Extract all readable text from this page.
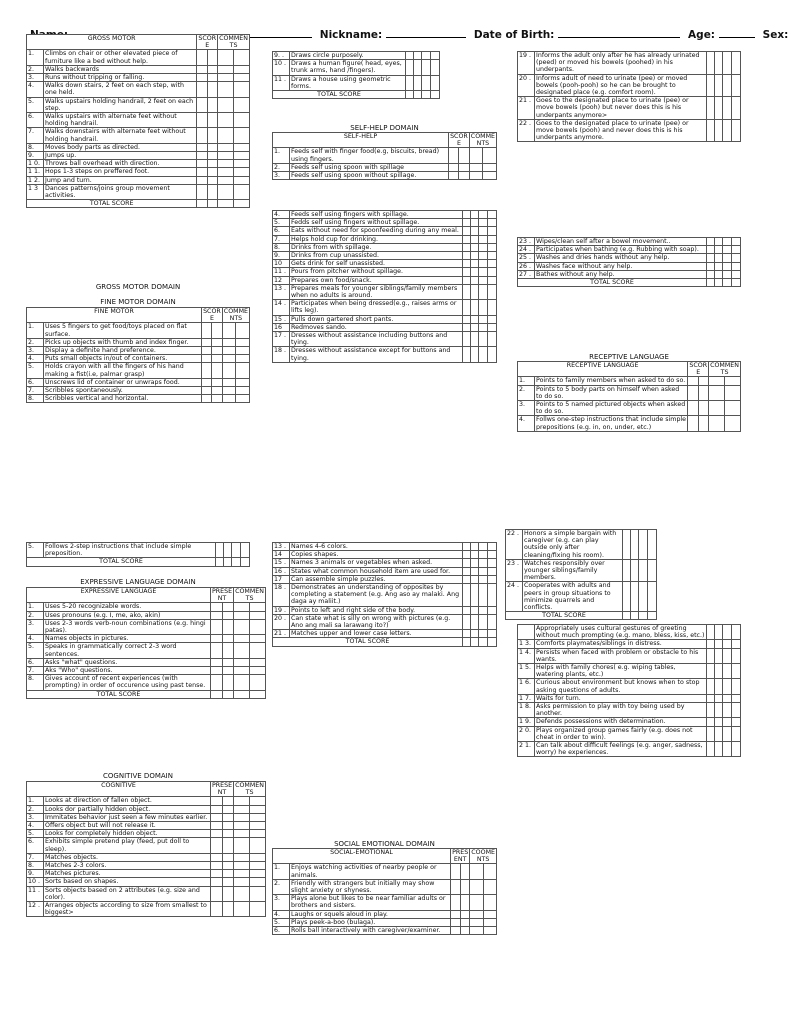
Nickname:	Date of Birth:	Age:	Sex:
GROSS MOTOR		SCOR E		COMMEN TS	
1.	Climbs on chair or other elevated piece of furniture like a bed without help.				
2.	Walks backwards				
3.	Runs without tripping or falling.				
4.	Walks down stairs, 2 feet on each step, with one held.				
5.	Walks upstairs holding handrail, 2 feet on each step.				
6.	Walks upstairs with alternate feet without holding handrail.				
7.	Walks downstairs with alternate feet without holding handrail.				
8.	Moves body parts as directed.				
9.	Jumps up.				
1 0.	Throws ball overhead with direction.				
1 1.	Hops 1-3 steps on preffered foot.				
1 2.	Jump and turn.				
1 3	Dances patterns/joins group movement activities.				
TOTAL SCORE					
GROSS MOTOR DOMAIN
FINE MOTOR DOMAIN
FINE MOTOR		SCOR E		COMME NTS	
1.	Uses 5 fingers to get food/toys placed on flat surface.				
2.	Picks up objects with thumb and index finger.				
3.	Display a definite hand preference.				
4.	Puts small objects in/out of containers.				
5.	Holds crayon with all the fingers of his hand making a fist(i.e, palmar grasp)				
6.	Unscrews lid of container or unwraps food.				
7.	Scribbles spontaneously.				
8.	Scribbles vertical and horizontal.				
9. .	Draws circle purposely.				
10 .	Draws a human figure( head, eyes, trunk arms, hand /fingers).				
11 .	Draws a house using geometric forms.				
TOTAL SCORE					
SELF-HELP DOMAIN
SELF-HELP		SCOR E		COMME NTS	
1.	Feeds self with finger food(e.g, biscuits, bread) using fingers.				
2.	Feeds self using spoon with spillage				
3.	Feeds self using spoon without spillage.				
4.	Feeds self using fingers with spillage.				
5.	Fedds self using fingers without spillage.				
6.	Eats without need for spoonfeeding during any meal.				
7.	Helps hold cup for drinking.				
8.	Drinks from with spillage.				
9.	Drinks from cup unassisted.				
10	Gets drink for self unassisted.				
11 .	Pours from pitcher without spillage.				
12	Prepares own food/snack.				
13 .	Prepares meals for younger siblings/family members when no adults is around.				
14 .	Participates when being dressed(e.g., raises arms or lifts leg).				
15 .	Pulls down gartered short pants.				
16	Redmoves sando.				
17 .	Dresses without assistance including buttons and tying.				
18 .	Dresses without assistance except for buttons and tying.				
19 .	Informs the adult only after he has already urinated (peed) or moved his bowels (poohed) in his underpants.				
20 .	Informs adult of need to urinate (pee) or moved bowels (pooh-pooh) so he can be brought to designated place (e.g. comfort room).				
21 .	Goes to the designated place to urinate (pee) or move bowels (pooh) but never does this is his underpants anymore>				
22 .	Goes to the designated place to urinate (pee) or move bowels (pooh) and never does this is his underpants anymore.				
23 .	Wipes/clean self after a bowel movement..				
24 .	Participates when bathing (e.g. Rubbing with soap).				
25 .	Washes and dries hands without any help.				
26 .	Washes face without any help.				
27 .	Bathes without any help.				
TOTAL SCORE					
RECEPTIVE LANGUAGE
RECEPTIVE LANGUAGE		SCOR E		COMMEN TS	
1.	Points to family members when asked to do so.				
2.	Points to 5 body parts on himself when asked to do so.				
3.	Points to 5 named pictured objects when asked to do so.				
4.	Follws one-step instructions that include simple prepositions (e.g. in, on, under, etc.)				
5.	Follows 2-step instructions that include simple preposition.				
TOTAL SCORE					
EXPRESSIVE LANGUAGE DOMAIN
EXPRESSIVE LANGUAGE		PRESE NT		COMMEN TS	
1.	Uses 5-20 recognizable words.				
2.	Uses pronouns (e.g. I, me, ako, akin)				
3.	Uses 2-3 words verb-noun combinations (e.g. hingi patas).				
4.	Names objects in pictures.				
5.	Speaks in grammatically correct 2-3 word sentences.				
6.	Asks "what" questions.				
7.	Aks "Who" questions.				
8.	Gives account of recent experiences (with prompting) in order of occurence using past tense.				
TOTAL SCORE					
COGNITIVE DOMAIN
COGNITIVE		PRESE NT		COMMEN TS	
1.	Looks at direction of fallen object.				
2.	Looks dor partially hidden object.				
3.	Immitates behavior just seen a few minutes earlier.				
4.	Offers object but will not release it.				
5.	Looks for completely hidden object.				
6.	Exhibits simple pretend play (feed, put doll to sleep).				
7.	Matches objects.				
8.	Matches 2-3 colors.				
9.	Matches pictures.				
10 .	Sorts based on shapes.				
11 .	Sorts objects based on 2 attributes (e.g. size and color).				
12 .	Arranges objects according to size from smallest to biggest>				
13 .	Names 4-6 colors.				
14	Copies shapes.				
15 .	Names 3 animals or vegetables when asked.				
16 .	States what common household item are used for.				
17	Can assemble simple puzzles.				
18 .	Demonstrates an understanding of opposites by completing a statement (e.g. Ang aso ay malaki. Ang daga ay maliit.)				
19 .	Points to left and right side of the body.				
20 .	Can state what is silly on wrong with pictures (e.g. Ano ang mali sa larawang ito?)				
21 .	Matches upper and lower case letters.				
TOTAL SCORE					
SOCIAL EMOTIONAL DOMAIN
SOCIAL-EMOTIONAL		PRES ENT		COOME NTS	
1.	Enjoys watching activities of nearby people or animals.				
2.	Friendly with strangers but initially may show slight anxiety or shyness.				
3.	Plays alone but likes to be near familiar adults or brothers and sisters.				
4.	Laughs or squels aloud in play.				
5.	Plays peek-a-boo (bulaga).				
6.	Rolls ball interactively with caregiver/examiner.				
	Appropriately uses cultural gestures of greeting without much prompting (e.g. mano, bless, kiss, etc.)				
1 3.	Comforts playmates/siblings in distress.				
1 4.	Persists when faced with problem or obstacle to his wants.				
1 5.	Helps with family chores( e.g. wiping tables, watering plants, etc.)				
1 6.	Curious about environment but knows when to stop asking questions of adults.				
1 7.	Waits for turn.				
1 8.	Asks permission to play with toy being used by another.				
1 9.	Defends possessions with determination.				
2 0.	Plays organized group games fairly (e.g. does not cheat in order to win).				
2 1.	Can talk about difficult feelings (e.g. anger, sadness, worry) he experiences.				
22 .	Honors a simple bargain with caregiver (e.g. can play outside only after cleaning/fixing his room).				
23 .	Watches responsibly over younger siblings/family members.				
24 .	Cooperates with adults and peers in group situations to minimize quarrels and conflicts.				
TOTAL SCORE					
